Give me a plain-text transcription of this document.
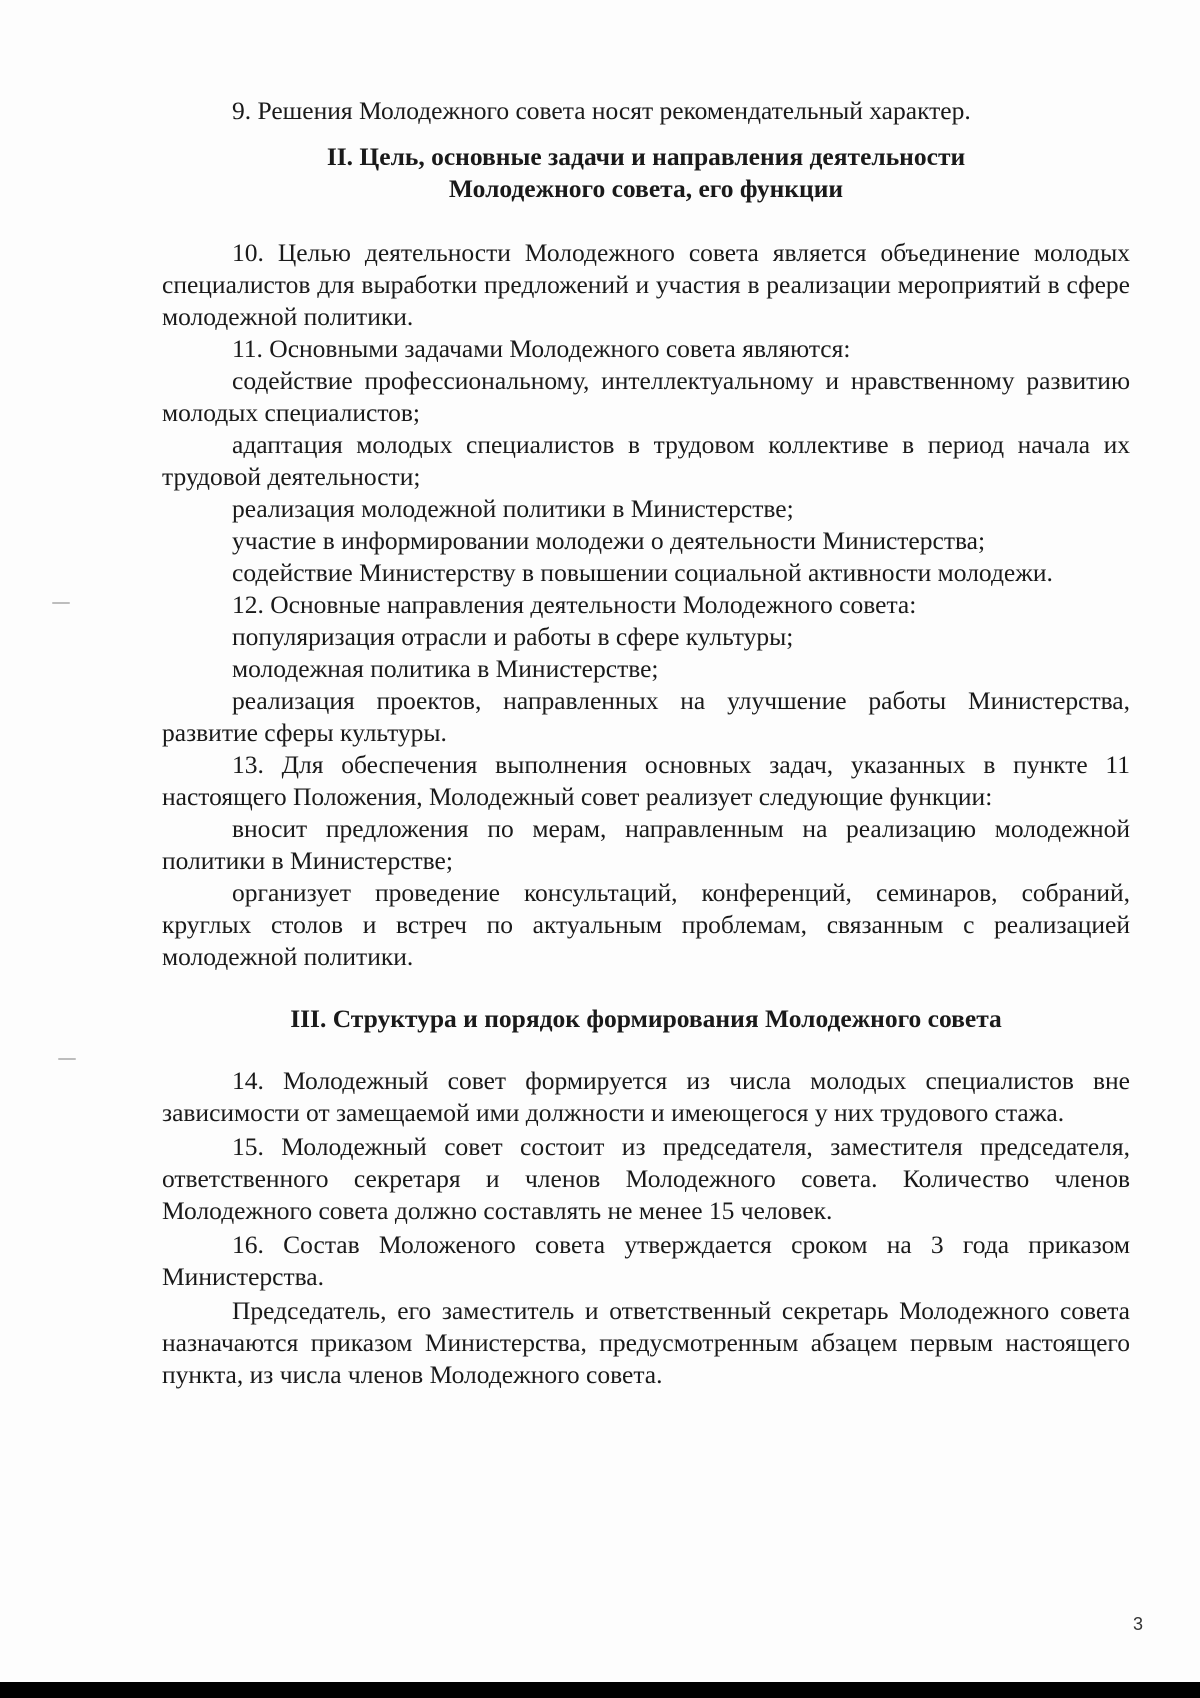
9. Решения Молодежного совета носят рекомендательный характер.

II. Цель, основные задачи и направления деятельности
Молодежного совета, его функции

10. Целью деятельности Молодежного совета является объединение молодых специалистов для выработки предложений и участия в реализации мероприятий в сфере молодежной политики.

11. Основными задачами Молодежного совета являются:

содействие профессиональному, интеллектуальному и нравственному развитию молодых специалистов;

адаптация молодых специалистов в трудовом коллективе в период начала их трудовой деятельности;

реализация молодежной политики в Министерстве;

участие в информировании молодежи о деятельности Министерства;

содействие Министерству в повышении социальной активности молодежи.

12. Основные направления деятельности Молодежного совета:

популяризация отрасли и работы в сфере культуры;

молодежная политика в Министерстве;

реализация проектов, направленных на улучшение работы Министерства, развитие сферы культуры.

13. Для обеспечения выполнения основных задач, указанных в пункте 11 настоящего Положения, Молодежный совет реализует следующие функции:

вносит предложения по мерам, направленным на реализацию молодежной политики в Министерстве;

организует проведение консультаций, конференций, семинаров, собраний, круглых столов и встреч по актуальным проблемам, связанным с реализацией молодежной политики.

III. Структура и порядок формирования Молодежного совета

14. Молодежный совет формируется из числа молодых специалистов вне зависимости от замещаемой ими должности и имеющегося у них трудового стажа.

15. Молодежный совет состоит из председателя, заместителя председателя, ответственного секретаря и членов Молодежного совета. Количество членов Молодежного совета должно составлять не менее 15 человек.

16. Состав Моложеного совета утверждается сроком на 3 года приказом Министерства.

Председатель, его заместитель и ответственный секретарь Молодежного совета назначаются приказом Министерства, предусмотренным абзацем первым настоящего пункта, из числа членов Молодежного совета.

3
